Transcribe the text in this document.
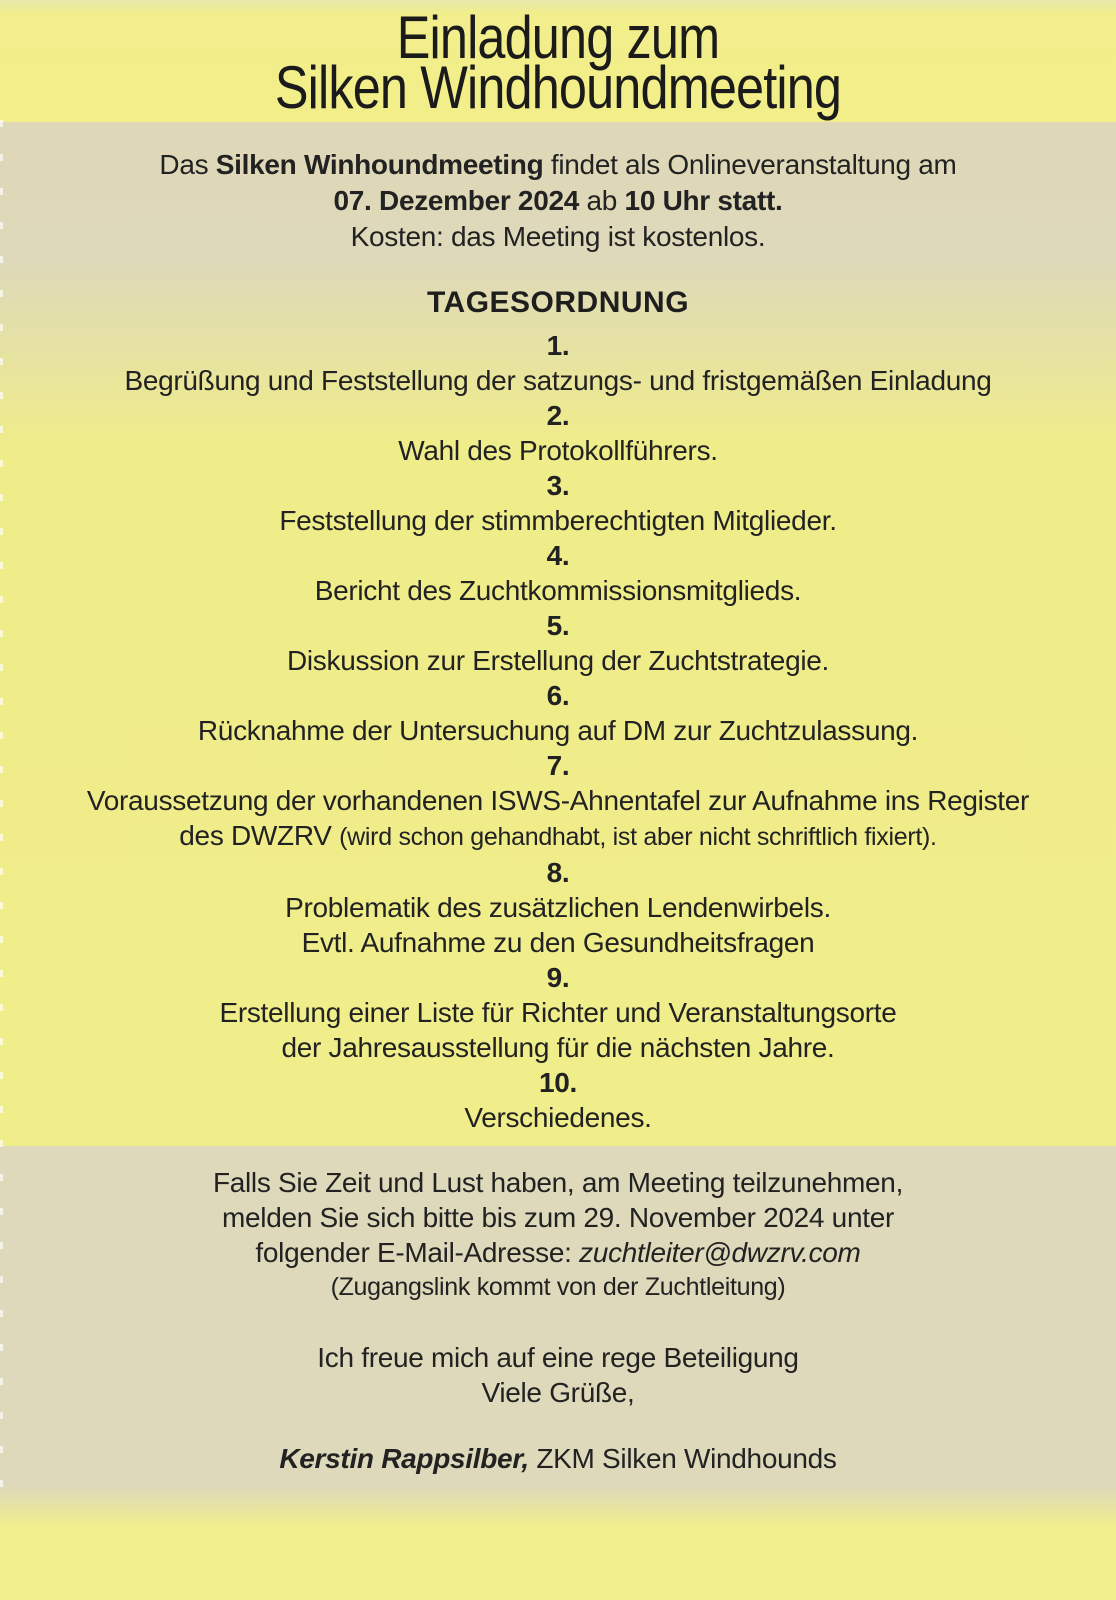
Einladung zum
Silken Windhoundmeeting
Das Silken Winhoundmeeting findet als Onlineveranstaltung am
07. Dezember 2024 ab 10 Uhr statt.
Kosten: das Meeting ist kostenlos.
TAGESORDNUNG
1.
Begrüßung und Feststellung der satzungs- und fristgemäßen Einladung
2.
Wahl des Protokollführers.
3.
Feststellung der stimmberechtigten Mitglieder.
4.
Bericht des Zuchtkommissionsmitglieds.
5.
Diskussion zur Erstellung der Zuchtstrategie.
6.
Rücknahme der Untersuchung auf DM zur Zuchtzulassung.
7.
Voraussetzung der vorhandenen ISWS-Ahnentafel zur Aufnahme ins Register
des DWZRV (wird schon gehandhabt, ist aber nicht schriftlich fixiert).
8.
Problematik des zusätzlichen Lendenwirbels.
Evtl. Aufnahme zu den Gesundheitsfragen
9.
Erstellung einer Liste für Richter und Veranstaltungsorte
der Jahresausstellung für die nächsten Jahre.
10.
Verschiedenes.
Falls Sie Zeit und Lust haben, am Meeting teilzunehmen,
melden Sie sich bitte bis zum 29. November 2024 unter
folgender E-Mail-Adresse: zuchtleiter@dwzrv.com
(Zugangslink kommt von der Zuchtleitung)
Ich freue mich auf eine rege Beteiligung
Viele Grüße,
Kerstin Rappsilber, ZKM Silken Windhounds
